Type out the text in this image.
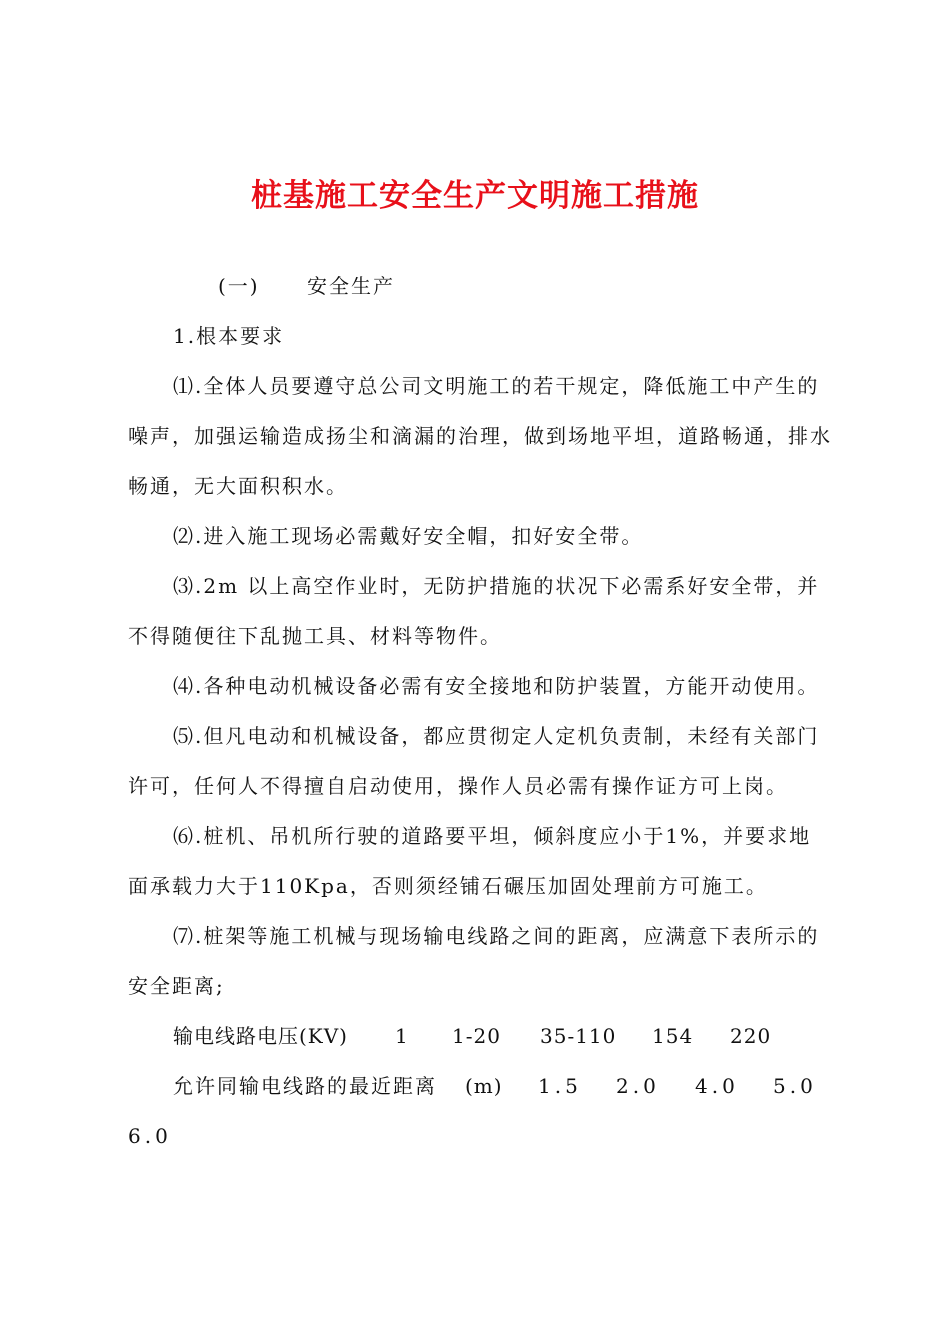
桩基施工安全生产文明施工措施
(一) 安全生产
1.根本要求
⑴.全体人员要遵守总公司文明施工的若干规定，降低施工中产生的
噪声，加强运输造成扬尘和滴漏的治理，做到场地平坦，道路畅通，排水
畅通，无大面积积水。
⑵.进入施工现场必需戴好安全帽，扣好安全带。
⑶.2m 以上高空作业时，无防护措施的状况下必需系好安全带，并
不得随便往下乱抛工具、材料等物件。
⑷.各种电动机械设备必需有安全接地和防护装置，方能开动使用。
⑸.但凡电动和机械设备，都应贯彻定人定机负责制，未经有关部门
许可，任何人不得擅自启动使用，操作人员必需有操作证方可上岗。
⑹.桩机、吊机所行驶的道路要平坦，倾斜度应小于1%，并要求地
面承载力大于110Kpa，否则须经铺石碾压加固处理前方可施工。
⑺.桩架等施工机械与现场输电线路之间的距离，应满意下表所示的
安全距离;
输电线路电压(KV) 1 1-20 35-110 154 220
允许同输电线路的最近距离 (m) 1.5 2.0 4.0 5.0
6.0
